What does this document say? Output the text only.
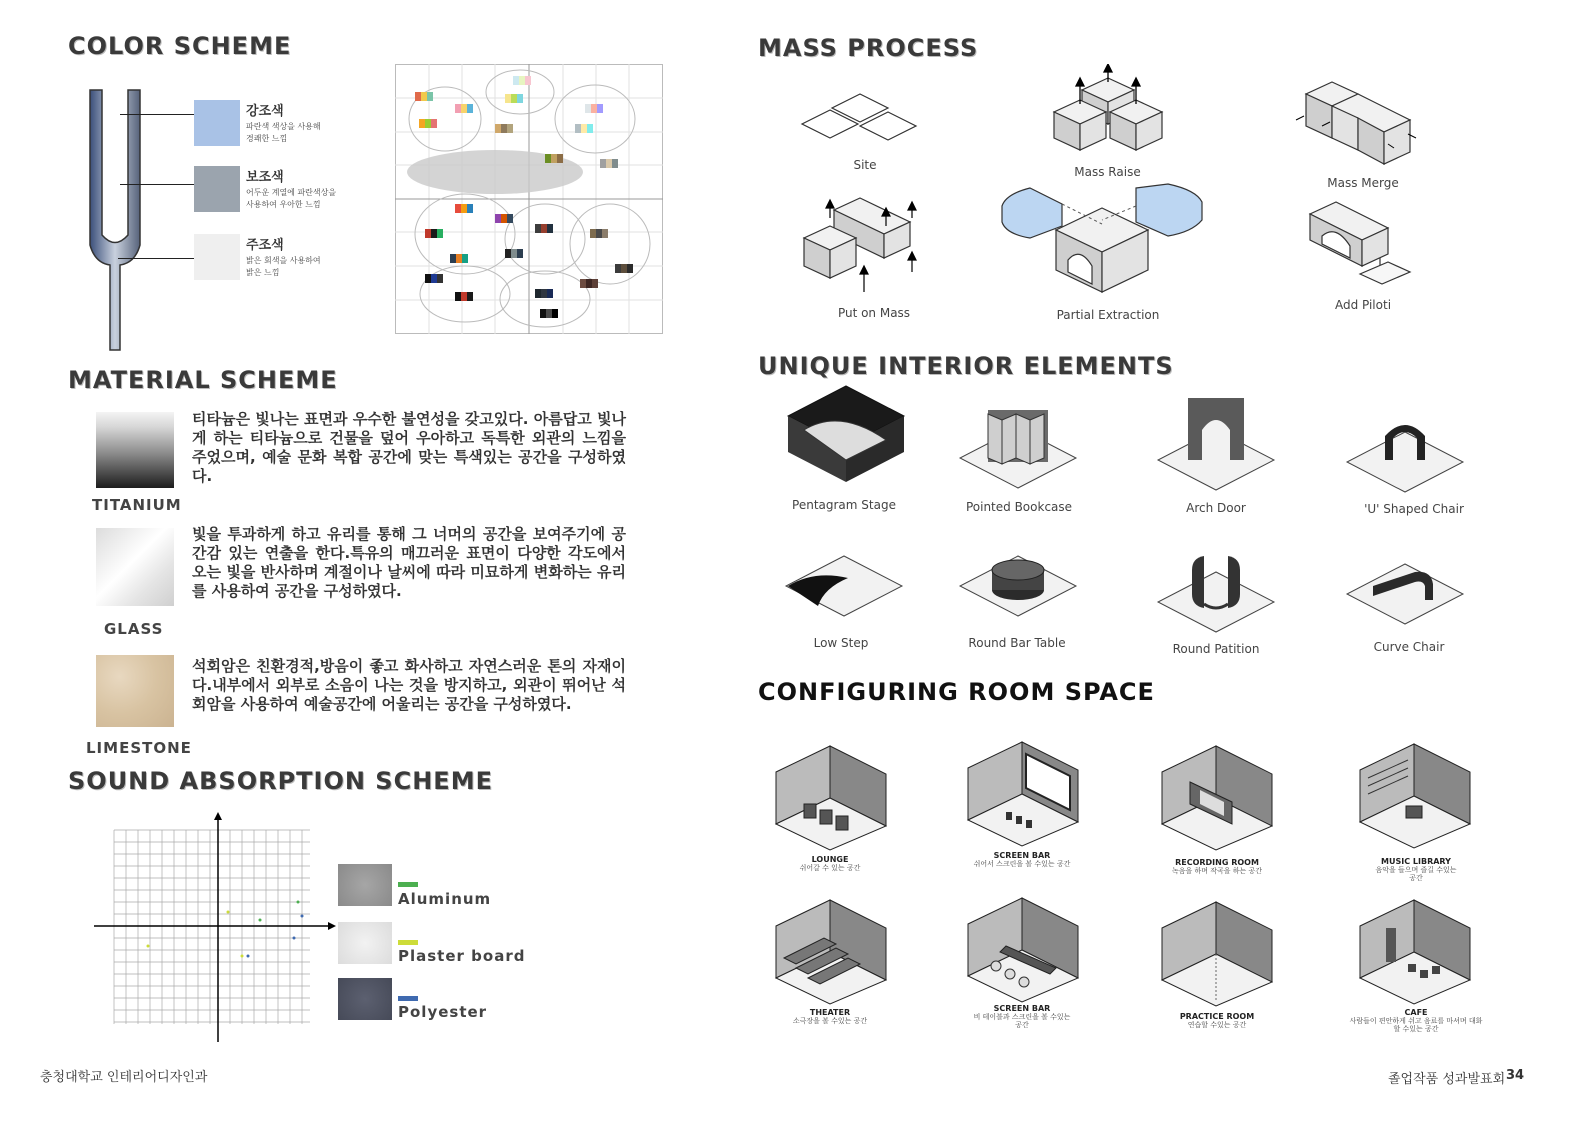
COLOR SCHEME
강조색
파란색 색상을 사용해
경쾌한 느낌
보조색
어두운 계열에 파란색상을
사용하여 우아한 느낌
주조색
밝은 회색을 사용하여
밝은 느낌
MATERIAL SCHEME
TITANIUM
티타늄은 빛나는 표면과 우수한 불연성을 갖고있다. 아름답고 빛나게 하는 티타늄으로 건물을 덮어 우아하고 독특한 외관의 느낌을 주었으며, 예술 문화 복합 공간에 맞는 특색있는 공간을 구성하였다.
GLASS
빛을 투과하게 하고 유리를 통해 그 너머의 공간을 보여주기에 공간감 있는 연출을 한다.특유의 매끄러운 표면이 다양한 각도에서 오는 빛을 반사하며 계절이나 날씨에 따라 미묘하게 변화하는 유리를 사용하여 공간을 구성하였다.
LIMESTONE
석회암은 친환경적,방음이 좋고 화사하고 자연스러운 톤의 자재이다.내부에서 외부로 소음이 나는 것을 방지하고, 외관이 뛰어난 석회암을 사용하여 예술공간에 어울리는 공간을 구성하였다.
SOUND ABSORPTION SCHEME
Aluminum
Plaster board
Polyester
MASS PROCESS
Site	Mass Raise
Mass Merge
Put on Mass	Partial Extraction
Add Piloti
UNIQUE INTERIOR ELEMENTS
Pentagram Stage	Pointed Bookcase	Arch Door	'U' Shaped Chair
Low Step	Round Bar Table	Round Patition	Curve Chair
CONFIGURING ROOM SPACE
LOUNGE
쉬어갈 수 있는 공간
SCREEN BAR
쉬어서 스크린을 볼 수있는 공간	RECORDING ROOM
녹음을 하며 작곡을 하는 공간
MUSIC LIBRARY
음악을 들으며 즐길 수있는 공간
THEATER
소극장을 볼 수있는 공간
SCREEN BAR
비 테이블과 스크린을 볼 수있는 공간
PRACTICE ROOM
연습할 수있는 공간
CAFE
사람들이 편안하게 쉬고 음료를 마셔며 대화 할 수있는 공간
충청대학교 인테리어디자인과	졸업작품 성과발표회 34
